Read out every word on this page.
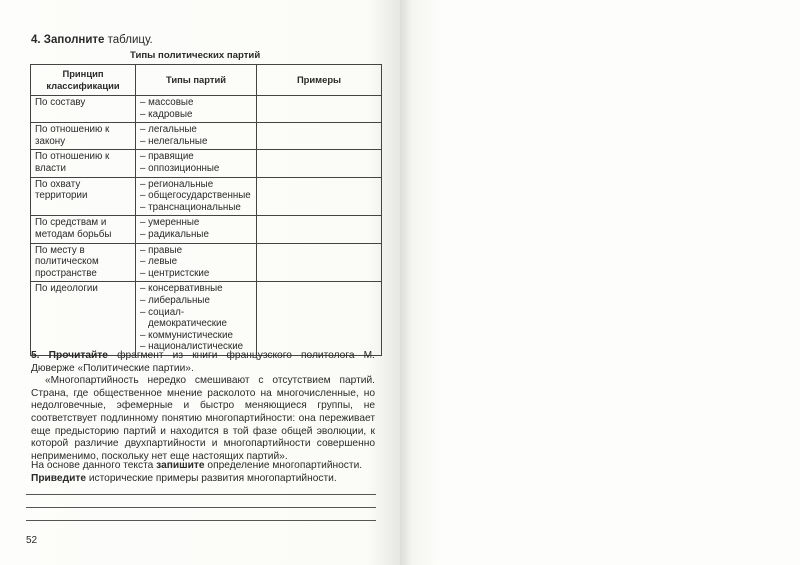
4. Заполните таблицу.
Типы политических партий
Принцип классификации	Типы партий	Примеры
По составу	– массовые
– кадровые	

По отношению к закону	– легальные
– нелегальные	

По отношению к власти	– правящие
– оппозиционные	

По охвату территории	– региональные
– общегосударственные
– транснациональные	

По средствам и методам борьбы	– умеренные
– радикальные	

По месту в политическом пространстве	– правые
– левые
– центристские	

По идеологии	– консервативные
– либеральные
– социал-демократические
– коммунистические
– националистические	

5. Прочитайте фрагмент из книги французского политолога М. Дюверже «Политические партии».

«Многопартийность нередко смешивают с отсутствием партий. Страна, где общественное мнение расколото на многочисленные, но недолговечные, эфемерные и быстро меняющиеся группы, не соответствует подлинному понятию многопартийности: она переживает еще предысторию партий и находится в той фазе общей эволюции, к которой различие двухпартийности и многопартийности совершенно неприменимо, поскольку нет еще настоящих партий».

На основе данного текста запишите определение многопартийности.

Приведите исторические примеры развития многопартийности.

52
